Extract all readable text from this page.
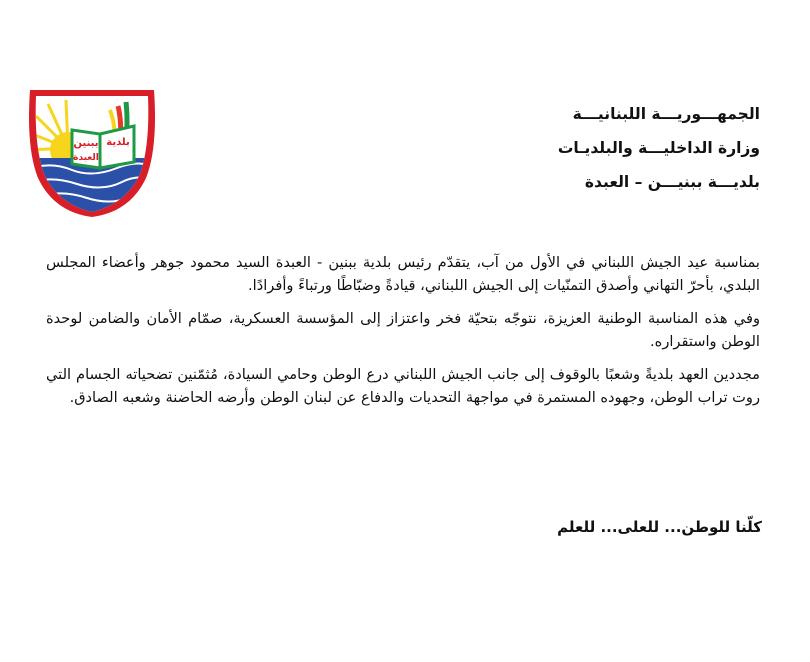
بلدية
ببنين
العبدة
الجمهـــوريـــة اللبنانيـــة
وزارة الداخليـــة والبلديـات
بلديـــة ببنيـــن – العبدة

بمناسبة عيد الجيش اللبناني في الأول من آب، يتقدّم رئيس بلدية ببنين - العبدة السيد محمود جوهر وأعضاء المجلس البلدي، بأحرّ التهاني وأصدق التمنّيات إلى الجيش اللبناني، قيادةً وضبّاطًا ورتباءً وأفرادًا.

وفي هذه المناسبة الوطنية العزيزة، نتوجّه بتحيّة فخر واعتزاز إلى المؤسسة العسكرية، صمّام الأمان والضامن لوحدة الوطن واستقراره.

مجددين العهد بلديةً وشعبًا بالوقوف إلى جانب الجيش اللبناني درع الوطن وحامي السيادة، مُثمّنين تضحياته الجسام التي روت تراب الوطن، وجهوده المستمرة في مواجهة التحديات والدفاع عن لبنان الوطن وأرضه الحاضنة وشعبه الصادق.

كلّنا للوطن... للعلى... للعلم
